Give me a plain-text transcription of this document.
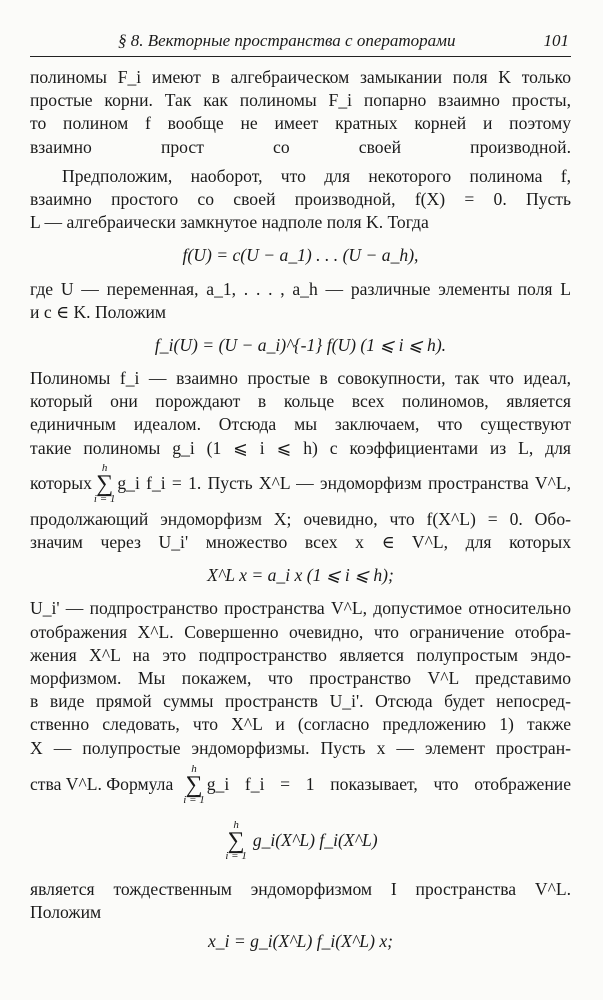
§ 8. Векторные пространства с операторами	101
полиномы F_i имеют в алгебраическом замыкании поля K только
простые корни. Так как полиномы F_i попарно взаимно просты,
то полином f вообще не имеет кратных корней и поэтому
взаимно прост со своей производной.
Предположим, наоборот, что для некоторого полинома f,
взаимно простого со своей производной, f(X) = 0. Пусть
L — алгебраически замкнутое надполе поля K. Тогда
f(U) = c(U − a_1) . . . (U − a_h),
где U — переменная, a_1, . . . , a_h — различные элементы поля L
и c ∈ K. Положим
f_i(U) = (U − a_i)^{-1} f(U) (1 ⩽ i ⩽ h).
Полиномы f_i — взаимно простые в совокупности, так что идеал,
который они порождают в кольце всех полиномов, является
единичным идеалом. Отсюда мы заключаем, что существуют
такие полиномы g_i (1 ⩽ i ⩽ h) с коэффициентами из L, для
которых
h
∑
i = 1
g_i f_i = 1. Пусть X^L — эндоморфизм пространства V^L,
продолжающий эндоморфизм X; очевидно, что f(X^L) = 0. Обо-
значим через U_i' множество всех x ∈ V^L, для которых
X^L x = a_i x (1 ⩽ i ⩽ h);
U_i' — подпространство пространства V^L, допустимое относительно
отображения X^L. Совершенно очевидно, что ограничение отобра-
жения X^L на это подпространство является полупростым эндо-
морфизмом. Мы покажем, что пространство V^L представимо
в виде прямой суммы пространств U_i'. Отсюда будет непосред-
ственно следовать, что X^L и (согласно предложению 1) также
X — полупростые эндоморфизмы. Пусть x — элемент простран-
ства V^L. Формула
h
∑
i = 1
g_i f_i = 1 показывает, что отображение
h
∑
i = 1
g_i(X^L) f_i(X^L)
является тождественным эндоморфизмом I пространства V^L.
Положим
x_i = g_i(X^L) f_i(X^L) x;
